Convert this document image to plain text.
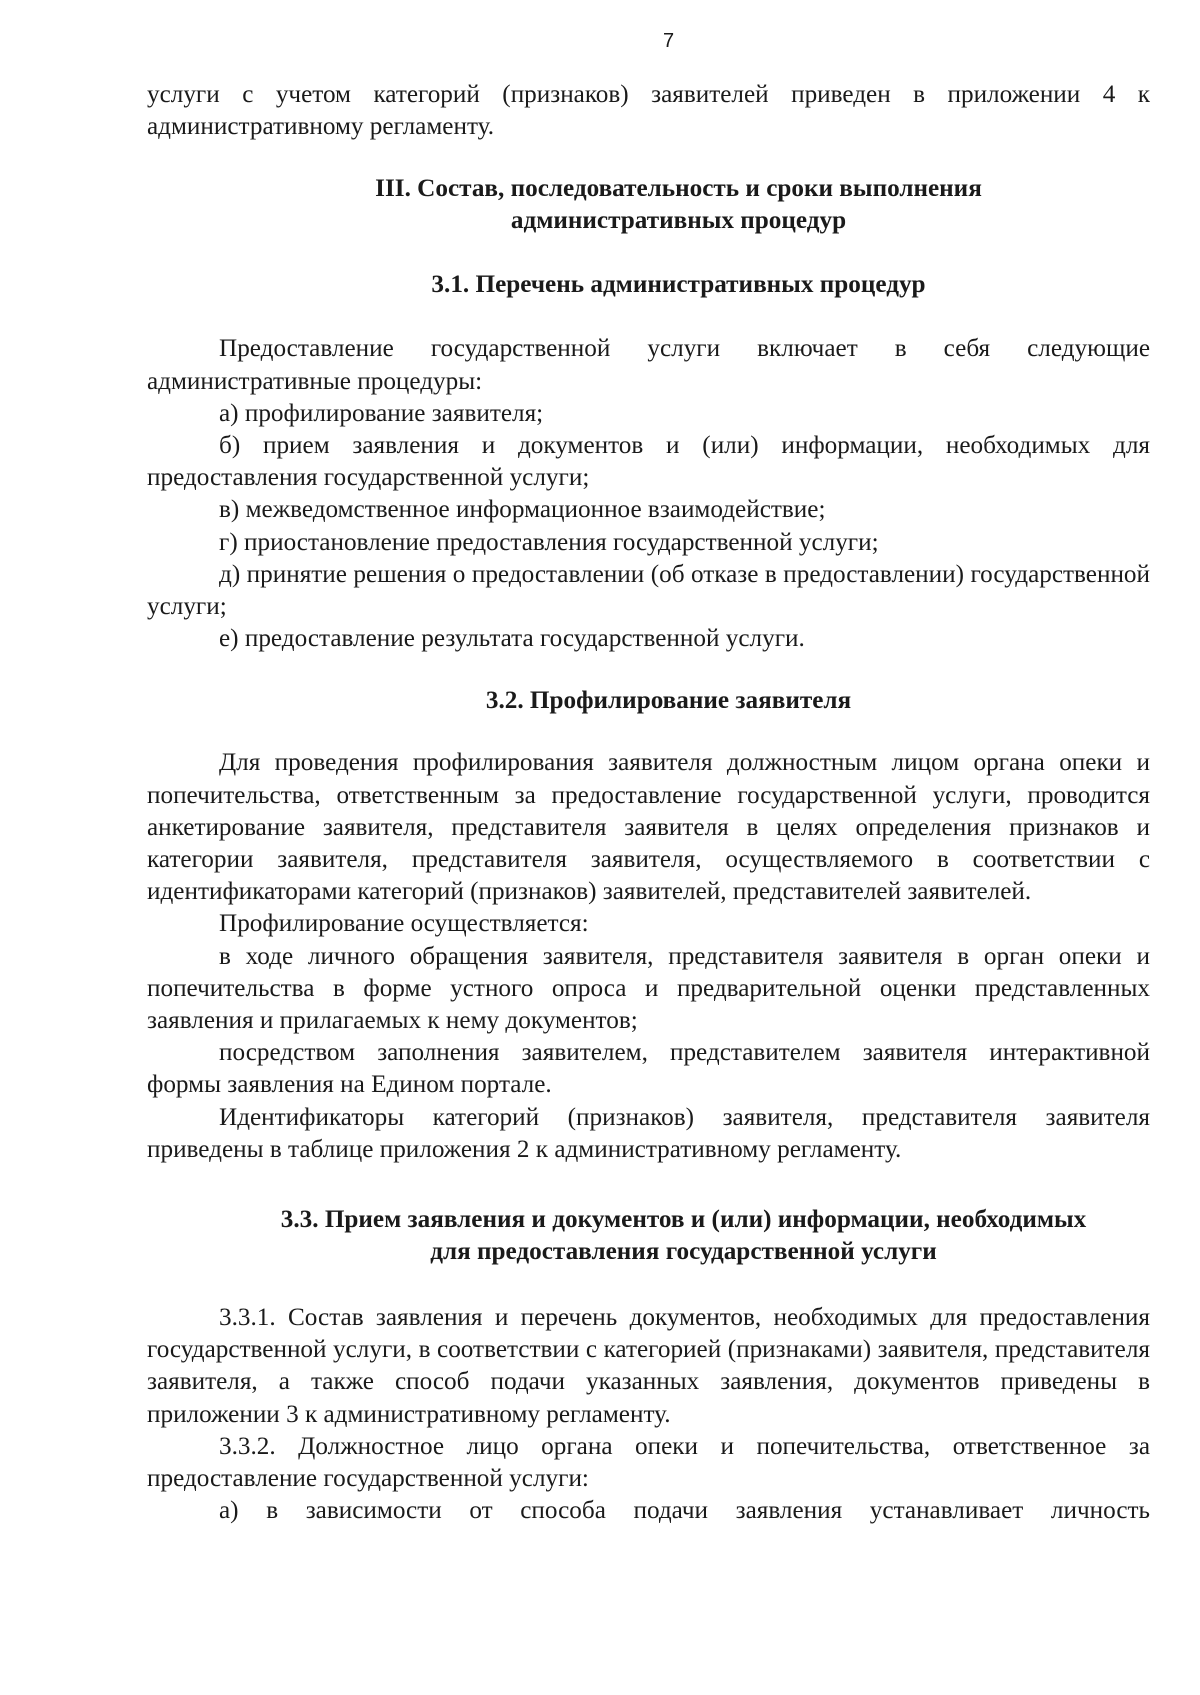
7

услуги с учетом категорий (признаков) заявителей приведен в приложении 4 к административному регламенту.

III. Состав, последовательность и сроки выполнения
административных процедур
3.1. Перечень административных процедур

Предоставление государственной услуги включает в себя следующие административные процедуры:

а) профилирование заявителя;

б) прием заявления и документов и (или) информации, необходимых для предоставления государственной услуги;

в) межведомственное информационное взаимодействие;

г) приостановление предоставления государственной услуги;

д) принятие решения о предоставлении (об отказе в предоставлении) государственной услуги;

е) предоставление результата государственной услуги.

3.2. Профилирование заявителя

Для проведения профилирования заявителя должностным лицом органа опеки и попечительства, ответственным за предоставление государственной услуги, проводится анкетирование заявителя, представителя заявителя в целях определения признаков и категории заявителя, представителя заявителя, осуществляемого в соответствии с идентификаторами категорий (признаков) заявителей, представителей заявителей.

Профилирование осуществляется:

в ходе личного обращения заявителя, представителя заявителя в орган опеки и попечительства в форме устного опроса и предварительной оценки представленных заявления и прилагаемых к нему документов;

посредством заполнения заявителем, представителем заявителя интерактивной формы заявления на Едином портале.

Идентификаторы категорий (признаков) заявителя, представителя заявителя приведены в таблице приложения 2 к административному регламенту.

3.3. Прием заявления и документов и (или) информации, необходимых
для предоставления государственной услуги

3.3.1. Состав заявления и перечень документов, необходимых для предоставления государственной услуги, в соответствии с категорией (признаками) заявителя, представителя заявителя, а также способ подачи указанных заявления, документов приведены в приложении 3 к административному регламенту.

3.3.2. Должностное лицо органа опеки и попечительства, ответственное за предоставление государственной услуги:

а) в зависимости от способа подачи заявления устанавливает личность
